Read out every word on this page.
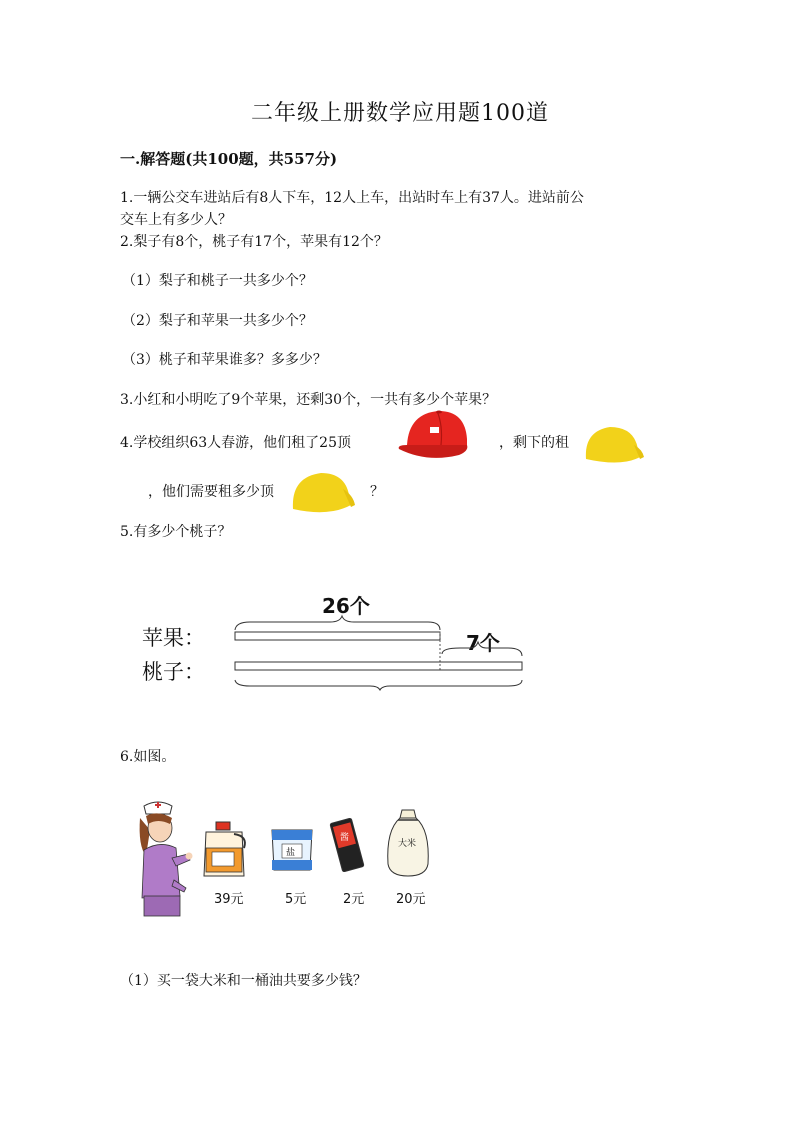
二年级上册数学应用题100道
一.解答题(共100题，共557分)
1.一辆公交车进站后有8人下车，12人上车，出站时车上有37人。进站前公
交车上有多少人？
2.梨子有8个，桃子有17个，苹果有12个？
（1）梨子和桃子一共多少个？
（2）梨子和苹果一共多少个？
（3）桃子和苹果谁多？多多少？
3.小红和小明吃了9个苹果，还剩30个，一共有多少个苹果？
4.学校组织63人春游，他们租了25顶	，剩下的租
，他们需要租多少顶	？
5.有多少个桃子？
26个
苹果：
桃子：
7个
6.如图。
盐
酱
大米
39元	5元	2元 20元
（1）买一袋大米和一桶油共要多少钱？
